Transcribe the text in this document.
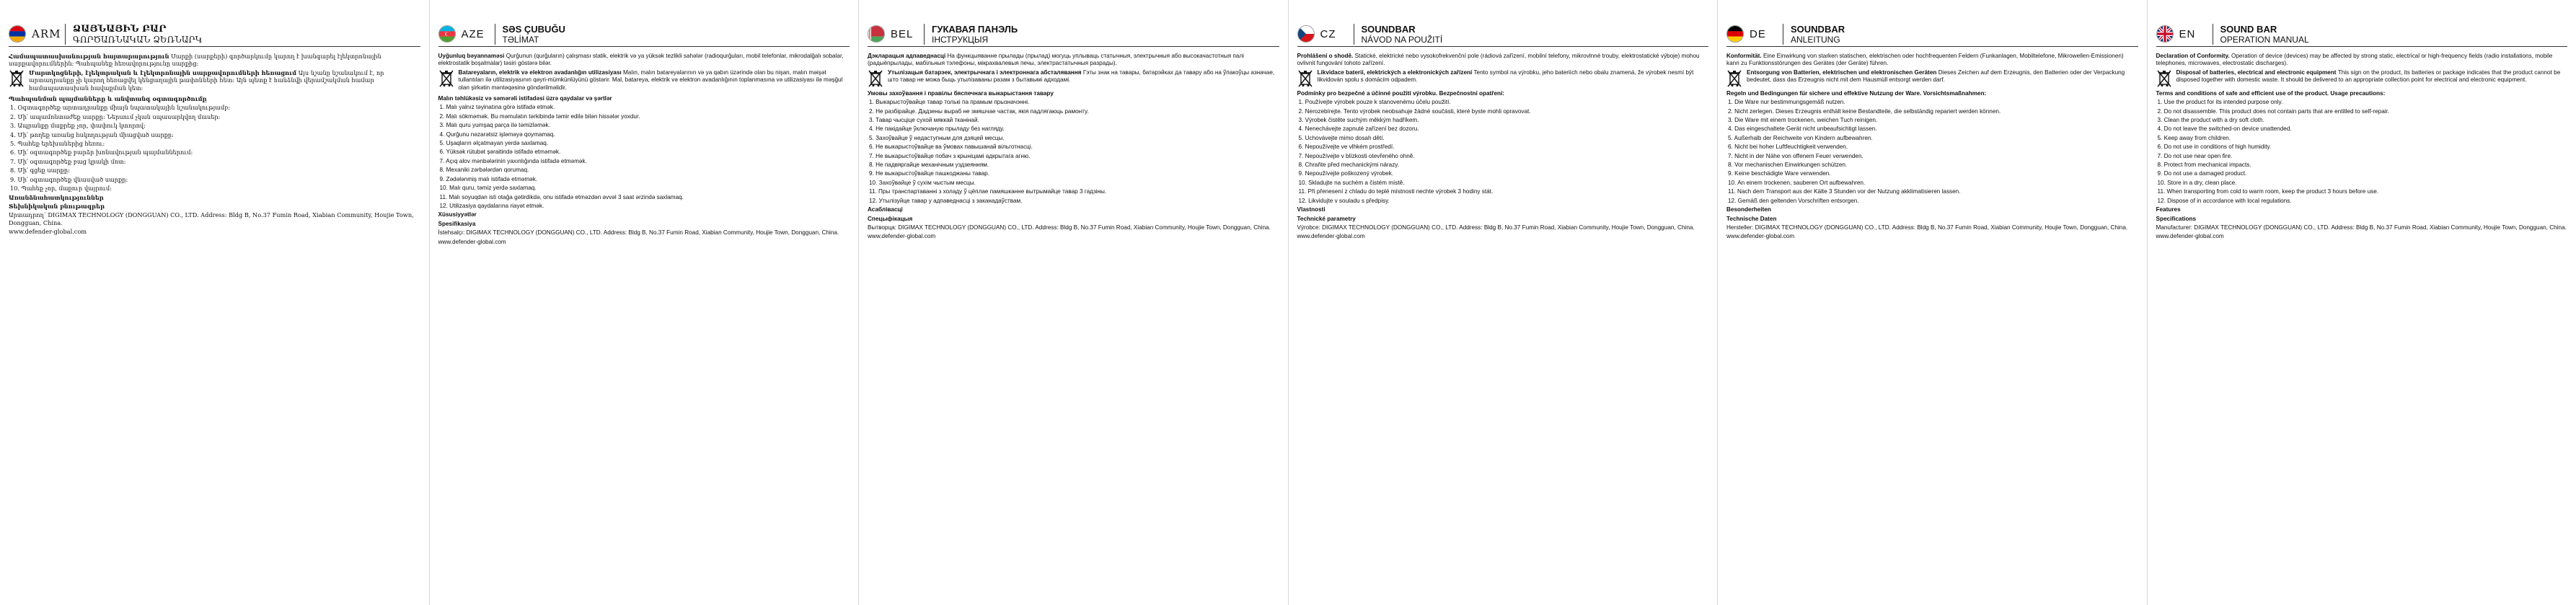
ARM ՁԱՅՆԱՅԻՆ ԲԱՐ
ԳՈՐԾԱՌՆԱԿԱՆ ՁԵՌՆԱՐԿ

Համապատասխանության հայտարարություն Սարքի (սարքերի) գործարկումը կարող է խանգարել էլեկտրոնային սարքավորումներին: Պահպանեք հեռավորությունը սարքից։

Մարտկոցների, էլեկտրական և էլեկտրոնային սարքավորումների հեռացում Այս նշանը նշանակում է, որ արտադրանքը չի կարող հեռացվել կենցաղային թափոնների հետ։ Այն պետք է հանձնվի վերամշակման համար համապատասխան հավաքման կետ։

Պահպանման պայմանները և անվտանգ օգտագործումը

1. Օգտագործեք արտադրանքը միայն նպատակային նշանակությամբ։

2. Մի՛ ապամոնտաժեք սարքը։ Ներսում չկան սպասարկվող մասեր։

3. Ապրանքը մաքրեք չոր, փափուկ կտորով։

4. Մի՛ թողեք առանց հսկողության միացված սարքը։

5. Պահեք երեխաներից հեռու։

6. Մի՛ օգտագործեք բարձր խոնավության պայմաններում։

7. Մի՛ օգտագործեք բաց կրակի մոտ։

8. Մի՛ գցեք սարքը։

9. Մի՛ օգտագործեք վնասված սարքը։

10. Պահեք չոր, մաքուր վայրում։

Առանձնահատկություններ

Տեխնիկական բնութագրեր

Արտադրող՝ DIGIMAX TECHNOLOGY (DONGGUAN) CO., LTD. Address: Bldg B, No.37 Fumin Road, Xiabian Community, Houjie Town, Dongguan, China.

www.defender-global.com

AZE SƏS ÇUBUĞU
TƏLİMAT

Uyğunluq bəyannaməsi Qurğunun (qurğuların) çalışması statik, elektrik və ya yüksək tezlikli sahələr (radioqurğuları, mobil telefonlar, mikrodalğalı sobalar, elektrostatik boşalmalar) təsiri göstərə bilər.

Batareyaların, elektrik və elektron avadanlığın utilizasiyası Malın, malın batareyalarının və ya qabın üzərində olan bu nişan, malın məişət tullantıları ilə utilizasiyasının qəyri-mümkünlüyünü göstərir. Mal, batareya, elektrik və elektron avadanlığının toplanmasına və utilizasiyası ilə məşğul olan şirkətin məntəqəsinə göndərilməlidir.

Malın təhlükəsiz və səmərəli istifadəsi üzrə qaydalar və şərtlər

1. Malı yalnız təyinatına görə istifadə etmək.

2. Malı sökməmək. Bu məmulatın tərkibində təmir edilə bilən hissələr yoxdur.

3. Malı quru yumşaq parça ilə təmizləmək.

4. Qurğunu nəzarətsiz işləməyə qoymamaq.

5. Uşaqların əlçatmayan yerdə saxlamaq.

6. Yüksək rütubət şəraitində istifadə etməmək.

7. Açıq alov mənbələrinin yaxınlığında istifadə etməmək.

8. Mexaniki zərbələrdən qorumaq.

9. Zədələnmiş malı istifadə etməmək.

10. Malı quru, təmiz yerdə saxlamaq.

11. Malı soyuqdan isti otağa gətirdikdə, onu istifadə etməzdən əvvəl 3 saat ərzində saxlamaq.

12. Utilizasiya qaydalarına riayət etmək.

Xüsusiyyətlər

Spesifikasiya

İstehsalçı: DIGIMAX TECHNOLOGY (DONGGUAN) CO., LTD. Address: Bldg B, No.37 Fumin Road, Xiabian Community, Houjie Town, Dongguan, China.

www.defender-global.com

BEL	ГУКАВАЯ ПАНЭЛЬ
ІНСТРУКЦЫЯ

Дэкларацыя адпаведнасці На функцыяванне прылады (прылад) могуць уплываць статычныя, электрычныя або высокачастотныя палі (радыёпрылады, мабільныя тэлефоны, мікрахвалевыя печы, электрастатычныя разрады).

Утылізацыя батарэек, электрычнага і электроннага абсталявання Гэты знак на тавары, батарэйках да тавару або на ўпакоўцы азначае, што тавар не можа быць утылізаваны разам з бытавымі адходамі.

Умовы захоўвання і правілы бяспечнага выкарыстання тавару

1. Выкарыстоўвайце тавар толькі па прамым прызначэнні.

2. Не разбірайце. Дадзены выраб не змяшчае частак, якія падлягаюць рамонту.

3. Тавар чысціце сухой мяккай тканінай.

4. Не пакідайце ўключаную прыладу без нагляду.

5. Захоўвайце ў недаступным для дзяцей месцы.

6. Не выкарыстоўвайце ва ўмовах павышанай вільготнасці.

7. Не выкарыстоўвайце побач з крыніцамі адкрытага агню.

8. Не падвяргайце механічным уздзеянням.

9. Не выкарыстоўвайце пашкоджаны тавар.

10. Захоўвайце ў сухім чыстым месцы.

11. Пры транспартаванні з холаду ў цёплае памяшканне вытрымайце тавар 3 гадзіны.

12. Утылізуйце тавар у адпаведнасці з заканадаўствам.

Асаблівасці

Спецыфікацыя

Вытворца: DIGIMAX TECHNOLOGY (DONGGUAN) CO., LTD. Address: Bldg B, No.37 Fumin Road, Xiabian Community, Houjie Town, Dongguan, China.

www.defender-global.com

CZ	SOUNDBAR
NÁVOD NA POUŽITÍ

Prohlášení o shodě. Statické, elektrické nebo vysokofrekvenční pole (rádiová zařízení, mobilní telefony, mikrovlnné trouby, elektrostatické výboje) mohou ovlivnit fungování tohoto zařízení.

Likvidace baterií, elektrických a elektronických zařízení Tento symbol na výrobku, jeho bateriích nebo obalu znamená, že výrobek nesmí být likvidován spolu s domácím odpadem.

Podmínky pro bezpečné a účinné použití výrobku. Bezpečnostní opatření:

1. Používejte výrobek pouze k stanovenému účelu použití.

2. Nerozebírejte. Tento výrobek neobsahuje žádné součásti, které byste mohli opravovat.

3. Výrobek čistěte suchým měkkým hadříkem.

4. Nenechávejte zapnuté zařízení bez dozoru.

5. Uchovávejte mimo dosah dětí.

6. Nepoužívejte ve vlhkém prostředí.

7. Nepoužívejte v blízkosti otevřeného ohně.

8. Chraňte před mechanickými nárazy.

9. Nepoužívejte poškozený výrobek.

10. Skladujte na suchém a čistém místě.

11. Při přenesení z chladu do teplé místnosti nechte výrobek 3 hodiny stát.

12. Likvidujte v souladu s předpisy.

Vlastnosti

Technické parametry

Výrobce: DIGIMAX TECHNOLOGY (DONGGUAN) CO., LTD. Address: Bldg B, No.37 Fumin Road, Xiabian Community, Houjie Town, Dongguan, China.

www.defender-global.com

DE	SOUNDBAR
ANLEITUNG

Konformität. Eine Einwirkung von starken statischen, elektrischen oder hochfrequenten Feldern (Funkanlagen, Mobiltelefone, Mikrowellen-Emissionen) kann zu Funktionsstörungen des Gerätes (der Geräte) führen.

Entsorgung von Batterien, elektrischen und elektronischen Geräten Dieses Zeichen auf dem Erzeugnis, den Batterien oder der Verpackung bedeutet, dass das Erzeugnis nicht mit dem Hausmüll entsorgt werden darf.

Regeln und Bedingungen für sichere und effektive Nutzung der Ware. Vorsichtsmaßnahmen:

1. Die Ware nur bestimmungsgemäß nutzen.

2. Nicht zerlegen. Dieses Erzeugnis enthält keine Bestandteile, die selbständig repariert werden können.

3. Die Ware mit einem trockenen, weichen Tuch reinigen.

4. Das eingeschaltete Gerät nicht unbeaufsichtigt lassen.

5. Außerhalb der Reichweite von Kindern aufbewahren.

6. Nicht bei hoher Luftfeuchtigkeit verwenden.

7. Nicht in der Nähe von offenem Feuer verwenden.

8. Vor mechanischen Einwirkungen schützen.

9. Keine beschädigte Ware verwenden.

10. An einem trockenen, sauberen Ort aufbewahren.

11. Nach dem Transport aus der Kälte 3 Stunden vor der Nutzung akklimatisieren lassen.

12. Gemäß den geltenden Vorschriften entsorgen.

Besonderheiten

Technische Daten

Hersteller: DIGIMAX TECHNOLOGY (DONGGUAN) CO., LTD. Address: Bldg B, No.37 Fumin Road, Xiabian Community, Houjie Town, Dongguan, China.

www.defender-global.com

EN	SOUND BAR
OPERATION MANUAL

Declaration of Conformity. Operation of device (devices) may be affected by strong static, electrical or high-frequency fields (radio installations, mobile telephones, microwaves, electrostatic discharges).

Disposal of batteries, electrical and electronic equipment This sign on the product, its batteries or package indicates that the product cannot be disposed together with domestic waste. It should be delivered to an appropriate collection point for electrical and electronic equipment.

Terms and conditions of safe and efficient use of the product. Usage precautions:

1. Use the product for its intended purpose only.

2. Do not disassemble. This product does not contain parts that are entitled to self-repair.

3. Clean the product with a dry soft cloth.

4. Do not leave the switched-on device unattended.

5. Keep away from children.

6. Do not use in conditions of high humidity.

7. Do not use near open fire.

8. Protect from mechanical impacts.

9. Do not use a damaged product.

10. Store in a dry, clean place.

11. When transporting from cold to warm room, keep the product 3 hours before use.

12. Dispose of in accordance with local regulations.

Features

Specifications

Manufacturer: DIGIMAX TECHNOLOGY (DONGGUAN) CO., LTD. Address: Bldg B, No.37 Fumin Road, Xiabian Community, Houjie Town, Dongguan, China.

www.defender-global.com
